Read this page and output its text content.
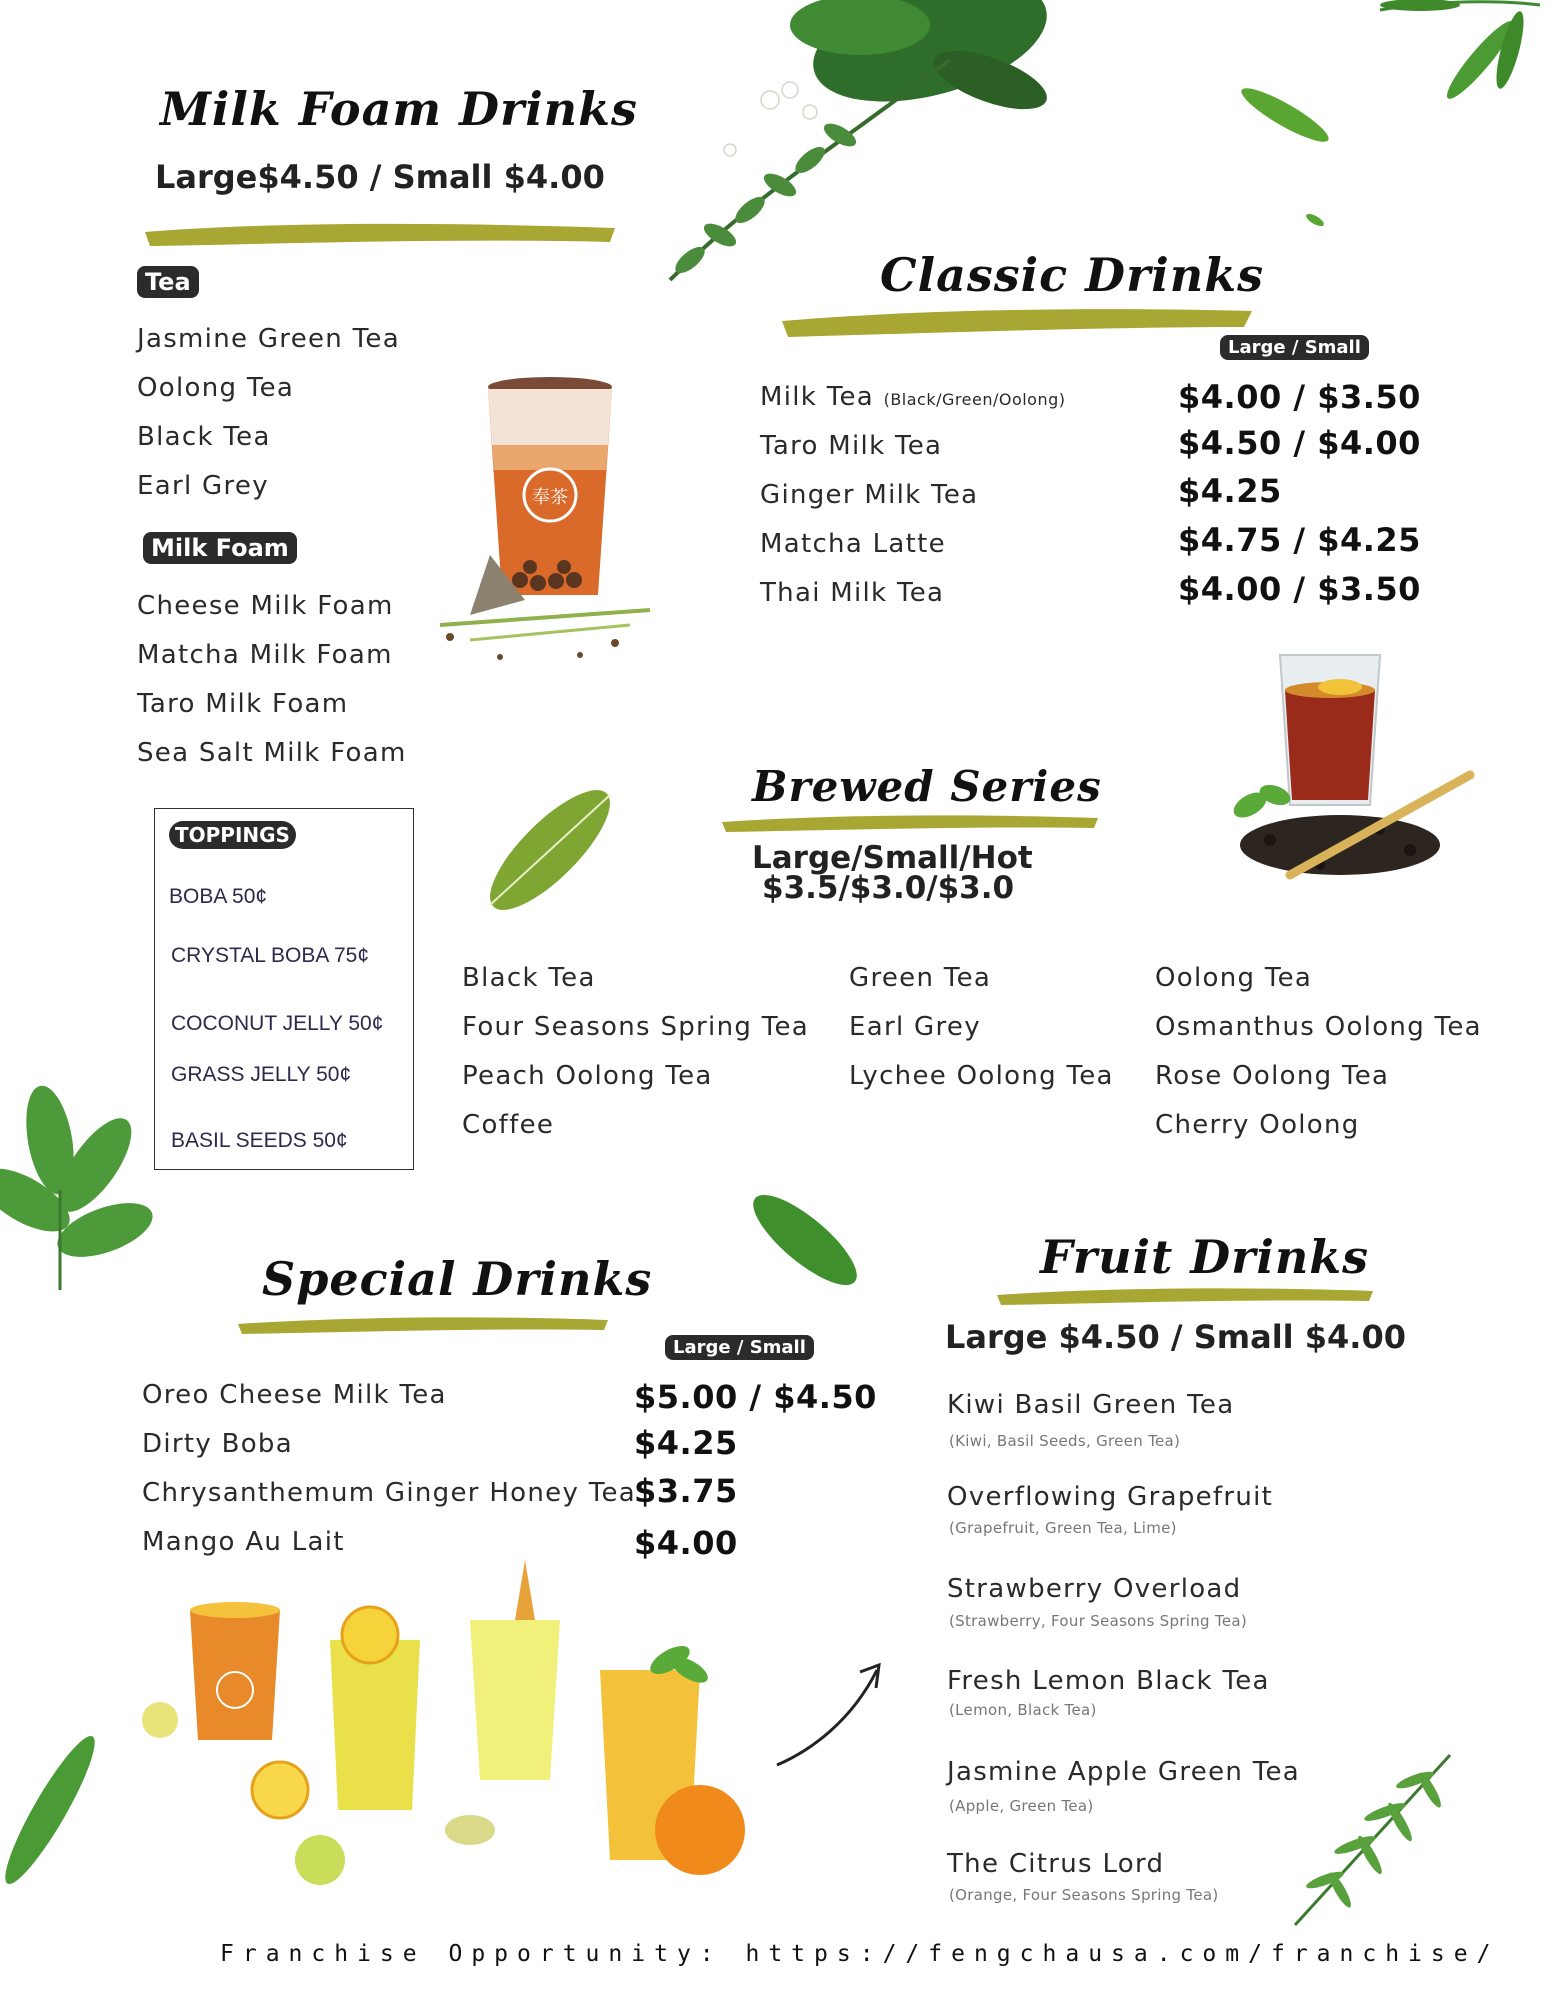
Milk Foam Drinks
Large$4.50 / Small $4.00
Tea
Jasmine Green Tea
Oolong Tea
Black Tea
Earl Grey
Milk Foam
Cheese Milk Foam
Matcha Milk Foam
Taro Milk Foam
Sea Salt Milk Foam
奉茶
Classic Drinks
Large / Small
Milk Tea (Black/Green/Oolong)
Taro Milk Tea
Ginger Milk Tea
Matcha Latte
Thai Milk Tea
$4.00 / $3.50
$4.50 / $4.00
$4.25
$4.75 / $4.25
$4.00 / $3.50
Brewed Series
Large/Small/Hot
$3.5/$3.0/$3.0
Black Tea
Four Seasons Spring Tea
Peach Oolong Tea
Coffee
Green Tea
Earl Grey
Lychee Oolong Tea
Oolong Tea
Osmanthus Oolong Tea
Rose Oolong Tea
Cherry Oolong
TOPPINGS
BOBA 50¢
CRYSTAL BOBA 75¢
COCONUT JELLY 50¢
GRASS JELLY 50¢
BASIL SEEDS 50¢
Special Drinks
Large / Small
Oreo Cheese Milk Tea
Dirty Boba
Chrysanthemum Ginger Honey Tea
Mango Au Lait
$5.00 / $4.50
$4.25
$3.75
$4.00
Fruit Drinks
Large $4.50 / Small $4.00
Kiwi Basil Green Tea
(Kiwi, Basil Seeds, Green Tea)
Overflowing Grapefruit
(Grapefruit, Green Tea, Lime)
Strawberry Overload
(Strawberry, Four Seasons Spring Tea)
Fresh Lemon Black Tea
(Lemon, Black Tea)
Jasmine Apple Green Tea
(Apple, Green Tea)
The Citrus Lord
(Orange, Four Seasons Spring Tea)
Franchise Opportunity: https://fengchausa.com/franchise/
